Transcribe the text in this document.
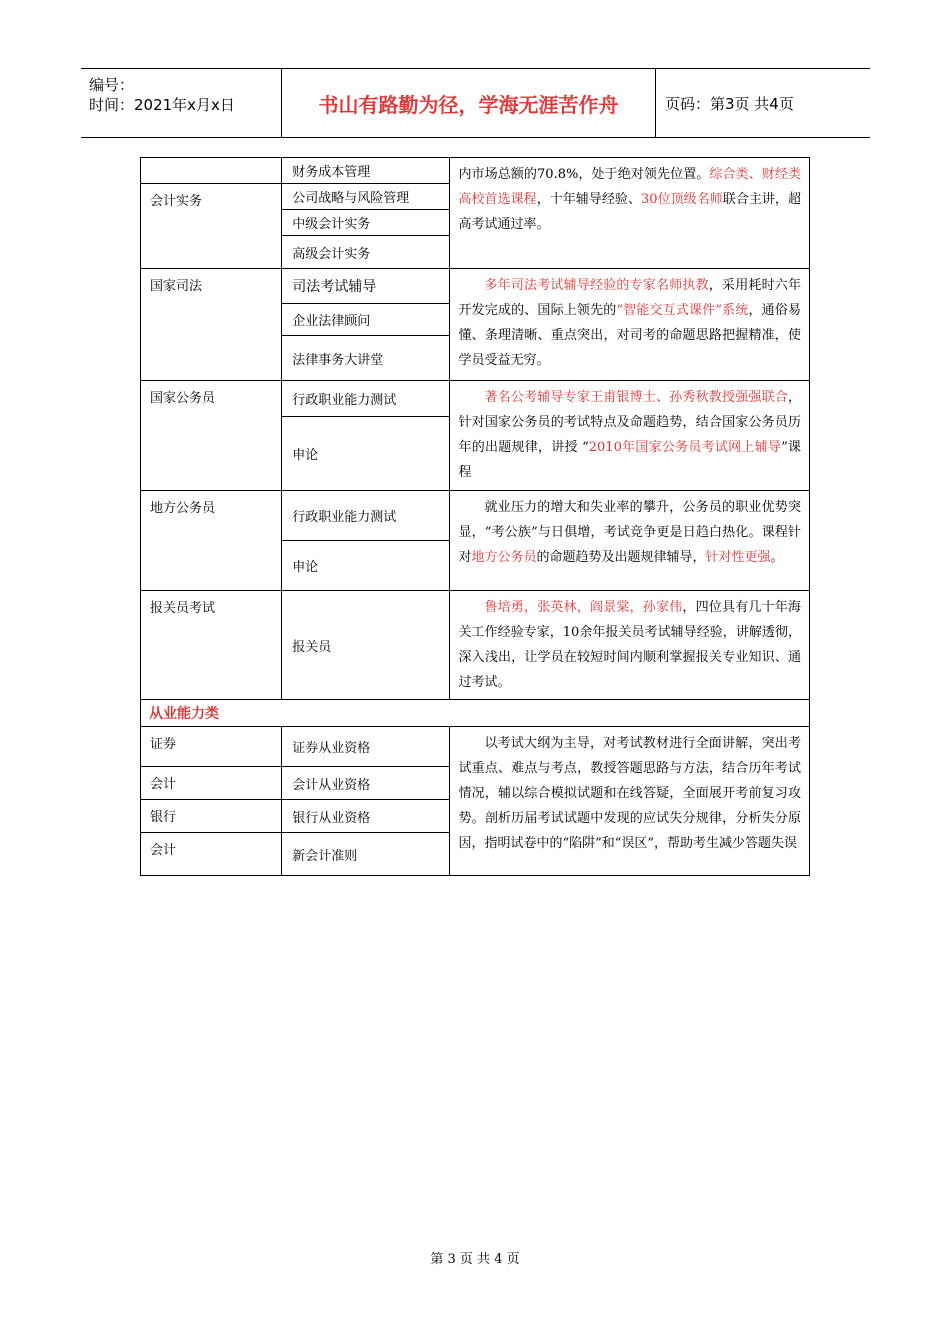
编号：
时间：2021年x月x日	书山有路勤为径，学海无涯苦作舟	页码：第3页 共4页
	财务成本管理	内市场总额的70.8%，处于绝对领先位置。综合类、财经类高校首选课程，十年辅导经验、30位顶级名师联合主讲，超高考试通过率。
会计实务	公司战略与风险管理	
	中级会计实务	
	高级会计实务	
国家司法	司法考试辅导	多年司法考试辅导经验的专家名师执教，采用耗时六年开发完成的、国际上领先的“智能交互式课件”系统，通俗易懂、条理清晰、重点突出，对司考的命题思路把握精准，使学员受益无穷。
	企业法律顾问	
	法律事务大讲堂	
国家公务员	行政职业能力测试	著名公考辅导专家王甫银博士、孙秀秋教授强强联合，针对国家公务员的考试特点及命题趋势，结合国家公务员历年的出题规律，讲授 “2010年国家公务员考试网上辅导”课程
	申论	
地方公务员	行政职业能力测试	就业压力的增大和失业率的攀升，公务员的职业优势突显，“考公族”与日俱增，考试竞争更是日趋白热化。课程针对地方公务员的命题趋势及出题规律辅导，针对性更强。
	申论	
报关员考试	报关员	鲁培勇，张英林，阎景棠，孙家伟，四位具有几十年海关工作经验专家，10余年报关员考试辅导经验，讲解透彻，深入浅出，让学员在较短时间内顺利掌握报关专业知识、通过考试。
从业能力类		
证券	证券从业资格	以考试大纲为主导，对考试教材进行全面讲解，突出考试重点、难点与考点，教授答题思路与方法，结合历年考试情况，辅以综合模拟试题和在线答疑，全面展开考前复习攻势。剖析历届考试试题中发现的应试失分规律，分析失分原因，指明试卷中的“陷阱”和“误区”，帮助考生减少答题失误
会计	会计从业资格	
银行	银行从业资格	
会计	新会计准则	
第 3 页 共 4 页
